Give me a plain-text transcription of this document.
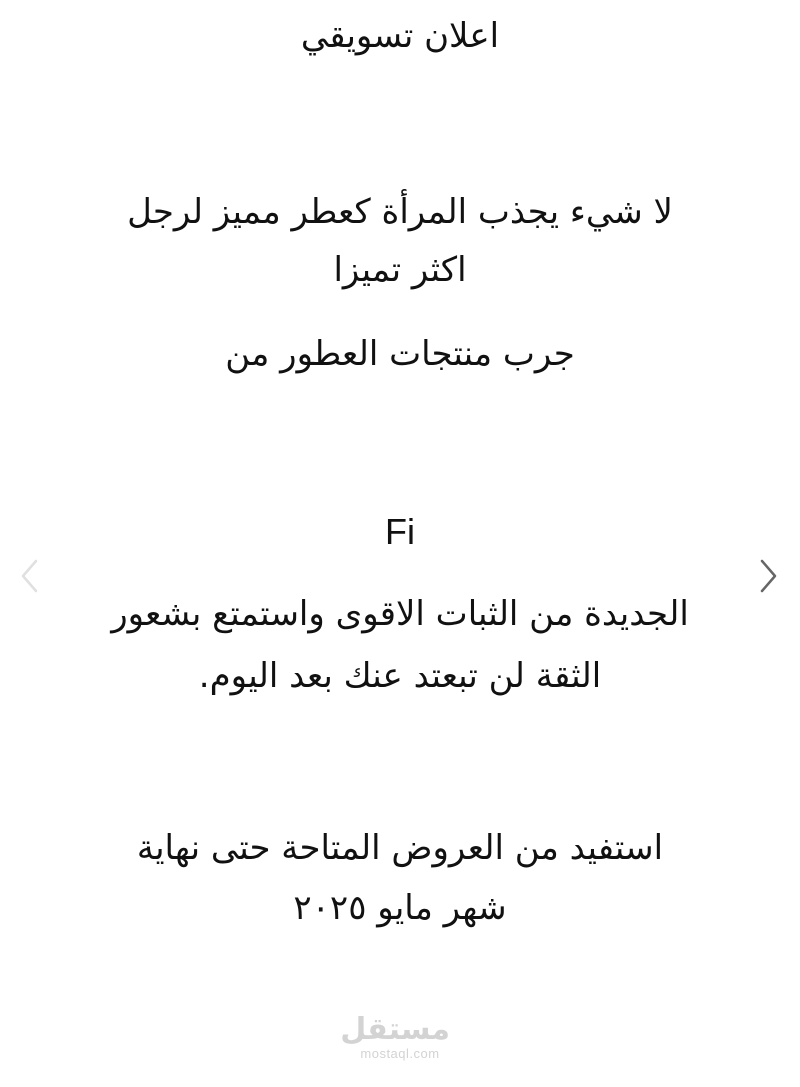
اعلان تسويقي
لا شيء يجذب المرأة كعطر مميز لرجل
اكثر تميزا
جرب منتجات العطور من
Fi
الجديدة من الثبات الاقوى واستمتع بشعور
الثقة لن تبعتد عنك بعد اليوم.
استفيد من العروض المتاحة حتى نهاية
شهر مايو ٢٠٢٥
مستقل
mostaql.com
